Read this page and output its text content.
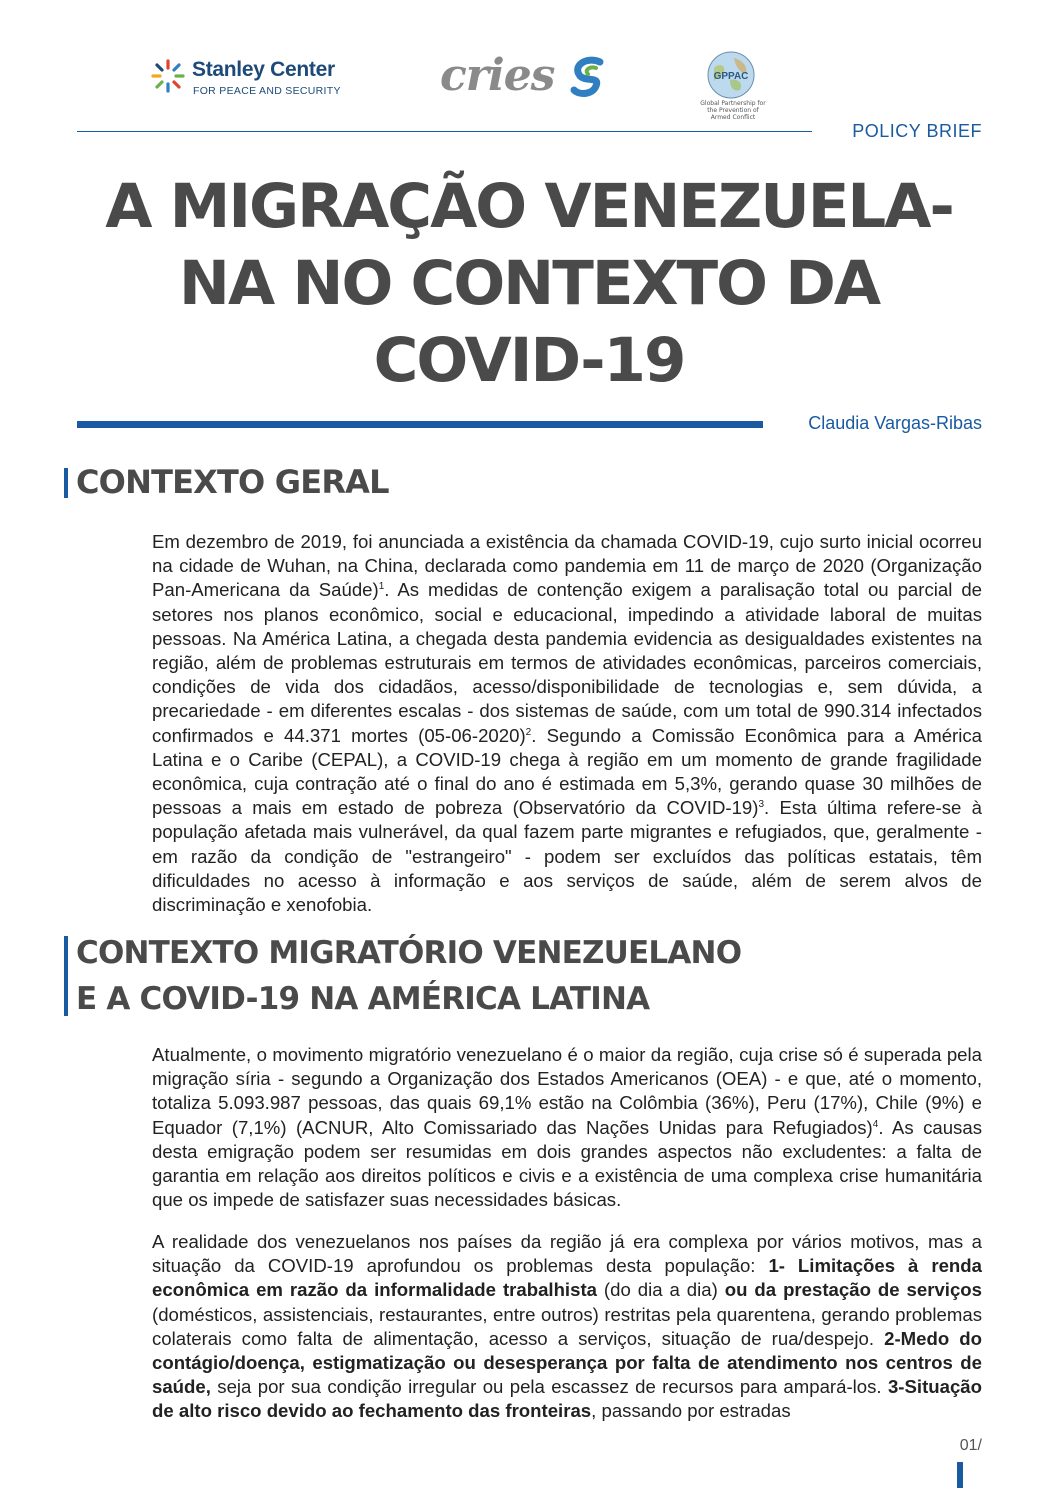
Stanley Center
FOR PEACE AND SECURITY cries	GPPAC
Global Partnership for the Prevention of Armed Conflict
POLICY BRIEF
A MIGRAÇÃO VENEZUELA-
NA NO CONTEXTO DA
COVID-19
Claudia Vargas-Ribas
CONTEXTO GERAL

Em dezembro de 2019, foi anunciada a existência da chamada COVID-19, cujo surto inicial ocorreu na cidade de Wuhan, na China, declarada como pandemia em 11 de março de 2020 (Organização Pan-Americana da Saúde)$^1$. As medidas de contenção exigem a paralisação total ou parcial de setores nos planos econômico, social e educacional, impedindo a atividade laboral de muitas pessoas. Na América Latina, a chegada desta pandemia evidencia as desigualdades existentes na região, além de problemas estruturais em termos de atividades econômicas, parceiros comerciais, condições de vida dos cidadãos, acesso/disponibilidade de tecnologias e, sem dúvida, a precariedade - em diferentes escalas - dos sistemas de saúde, com um total de 990.314 infectados confirmados e 44.371 mortes $(05-06-2020)^2$. Segundo a Comissão Econômica para a América Latina e o Caribe (CEPAL), a COVID-19 chega à região em um momento de grande fragilidade econômica, cuja contração até o final do ano é estimada em 5,3%, gerando quase 30 milhões de pessoas a mais em estado de pobreza (Observatório da COVID-19)$^3$. Esta última refere-se à população afetada mais vulnerável, da qual fazem parte migrantes e refugiados, que, geralmente - em razão da condição de "estrangeiro" - podem ser excluídos das políticas estatais, têm dificuldades no acesso à informação e aos serviços de saúde, além de serem alvos de discriminação e xenofobia.

CONTEXTO MIGRATÓRIO VENEZUELANO
E A COVID-19 NA AMÉRICA LATINA

Atualmente, o movimento migratório venezuelano é o maior da região, cuja crise só é superada pela migração síria - segundo a Organização dos Estados Americanos (OEA) - e que, até o momento, totaliza 5.093.987 pessoas, das quais 69,1% estão na Colômbia (36%), Peru (17%), Chile (9%) e Equador (7,1%) (ACNUR, Alto Comissariado das Nações Unidas para Refugiados)$^4$. As causas desta emigração podem ser resumidas em dois grandes aspectos não excludentes: a falta de garantia em relação aos direitos políticos e civis e a existência de uma complexa crise humanitária que os impede de satisfazer suas necessidades básicas.

A realidade dos venezuelanos nos países da região já era complexa por vários motivos, mas a situação da COVID-19 aprofundou os problemas desta população: 1- Limitações à renda econômica em razão da informalidade trabalhista (do dia a dia) ou da prestação de serviços (domésticos, assistenciais, restaurantes, entre outros) restritas pela quarentena, gerando problemas colaterais como falta de alimentação, acesso a serviços, situação de rua/despejo. 2-Medo do contágio/doença, estigmatização ou desesperança por falta de atendimento nos centros de saúde, seja por sua condição irregular ou pela escassez de recursos para ampará-los. 3-Situação de alto risco devido ao fechamento das fronteiras, passando por estradas

01/
